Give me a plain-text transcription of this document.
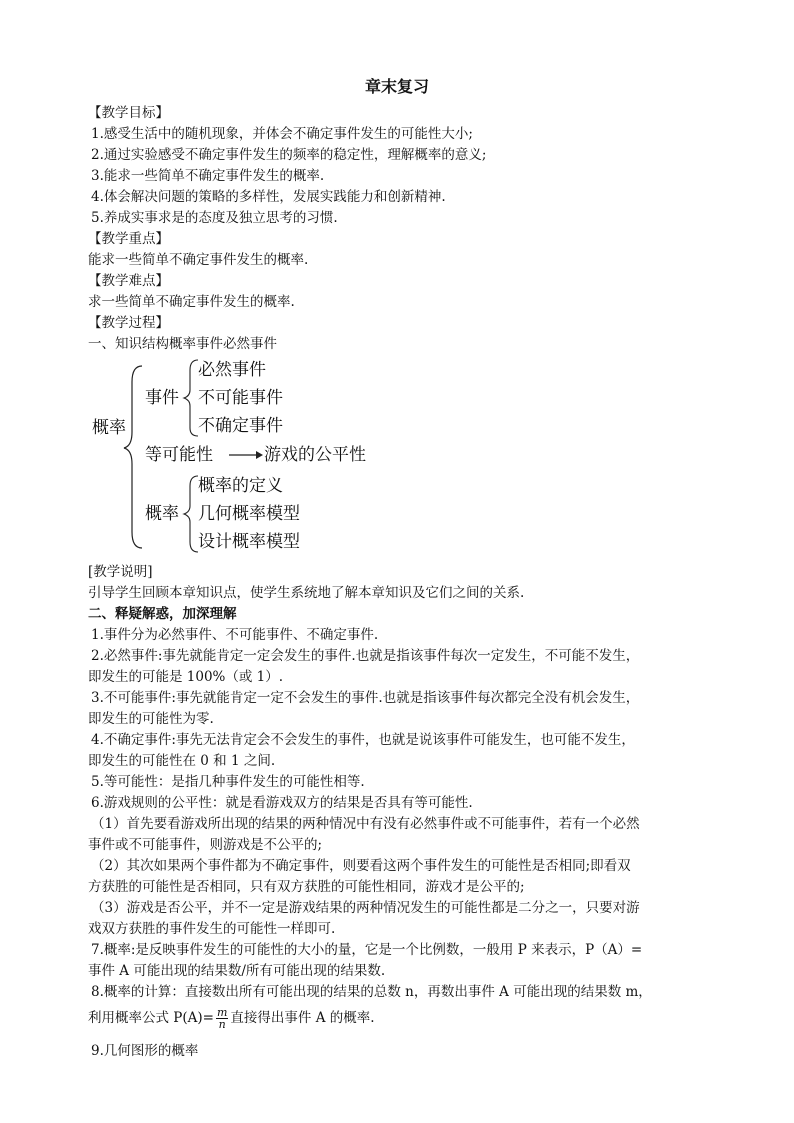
章末复习
【教学目标】
1.感受生活中的随机现象，并体会不确定事件发生的可能性大小;
2.通过实验感受不确定事件发生的频率的稳定性，理解概率的意义;
3.能求一些简单不确定事件发生的概率.
4.体会解决问题的策略的多样性，发展实践能力和创新精神.
5.养成实事求是的态度及独立思考的习惯.
【教学重点】
能求一些简单不确定事件发生的概率.
【教学难点】
求一些简单不确定事件发生的概率.
【教学过程】
一、知识结构概率事件必然事件
概率
事件
必然事件
不可能事件
不确定事件
等可能性	游戏的公平性
概率
概率的定义
几何概率模型
设计概率模型
[教学说明]
引导学生回顾本章知识点，使学生系统地了解本章知识及它们之间的关系.
二、释疑解惑，加深理解
1.事件分为必然事件、不可能事件、不确定事件.
2.必然事件:事先就能肯定一定会发生的事件.也就是指该事件每次一定发生，不可能不发生，
即发生的可能是 100%（或 1）.
3.不可能事件:事先就能肯定一定不会发生的事件.也就是指该事件每次都完全没有机会发生，
即发生的可能性为零.
4.不确定事件:事先无法肯定会不会发生的事件，也就是说该事件可能发生，也可能不发生，
即发生的可能性在 0 和 1 之间.
5.等可能性：是指几种事件发生的可能性相等.
6.游戏规则的公平性：就是看游戏双方的结果是否具有等可能性.
（1）首先要看游戏所出现的结果的两种情况中有没有必然事件或不可能事件，若有一个必然
事件或不可能事件，则游戏是不公平的;
（2）其次如果两个事件都为不确定事件，则要看这两个事件发生的可能性是否相同;即看双
方获胜的可能性是否相同，只有双方获胜的可能性相同，游戏才是公平的;
（3）游戏是否公平，并不一定是游戏结果的两种情况发生的可能性都是二分之一，只要对游
戏双方获胜的事件发生的可能性一样即可.
7.概率:是反映事件发生的可能性的大小的量，它是一个比例数，一般用 P 来表示，P（A）=
事件 A 可能出现的结果数/所有可能出现的结果数.
8.概率的计算：直接数出所有可能出现的结果的总数 n，再数出事件 A 可能出现的结果数 m，
利用概率公式 $P(A)= \frac{m}{n}$ 直接得出事件 A 的概率.
9.几何图形的概率
